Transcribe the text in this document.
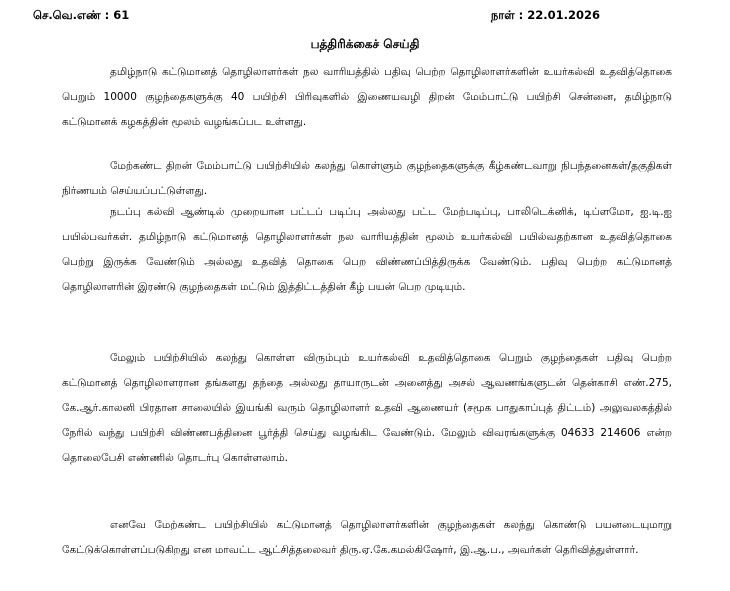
செ.வெ.எண் : 61	நாள் : 22.01.2026
பத்திரிக்கைச் செய்தி

தமிழ்நாடு கட்டுமானத் தொழிலாளர்கள் நல வாரியத்தில் பதிவு பெற்ற தொழிலாளர்களின் உயர்கல்வி உதவித்தொகை பெறும் 10000 குழந்தைகளுக்கு 40 பயிற்சி பிரிவுகளில் இணையவழி திறன் மேம்பாட்டு பயிற்சி சென்னை, தமிழ்நாடு கட்டுமானக் கழகத்தின் மூலம் வழங்கப்பட உள்ளது.

மேற்கண்ட திறன் மேம்பாட்டு பயிற்சியில் கலந்து கொள்ளும் குழந்தைகளுக்கு கீழ்கண்டவாறு நிபந்தனைகள்/தகுதிகள் நிர்ணயம் செய்யப்பட்டுள்ளது.

நடப்பு கல்வி ஆண்டில் முறையான பட்டப் படிப்பு அல்லது பட்ட மேற்படிப்பு, பாலிடெக்னிக், டிப்ளமோ, ஐ.டி.ஐ பயில்பவர்கள். தமிழ்நாடு கட்டுமானத் தொழிலாளர்கள் நல வாரியத்தின் மூலம் உயர்கல்வி பயில்வதற்கான உதவித்தொகை பெற்று இருக்க வேண்டும் அல்லது உதவித் தொகை பெற விண்ணப்பித்திருக்க வேண்டும். பதிவு பெற்ற கட்டுமானத் தொழிலாளரின் இரண்டு குழந்தைகள் மட்டும் இத்திட்டத்தின் கீழ் பயன் பெற முடியும்.

மேலும் பயிற்சியில் கலந்து கொள்ள விரும்பும் உயர்கல்வி உதவித்தொகை பெறும் குழந்தைகள் பதிவு பெற்ற கட்டுமானத் தொழிலாளரான தங்களது தந்தை அல்லது தாயாருடன் அனைத்து அசல் ஆவணங்களுடன் தென்காசி எண்.275, கே.ஆர்.காலனி பிரதான சாலையில் இயங்கி வரும் தொழிலாளர் உதவி ஆணையர் (சமூக பாதுகாப்புத் திட்டம்) அலுவலகத்தில் நேரில் வந்து பயிற்சி விண்ணபத்தினை பூர்த்தி செய்து வழங்கிட வேண்டும். மேலும் விவரங்களுக்கு 04633 214606 என்ற தொலைபேசி எண்ணில் தொடர்பு கொள்ளலாம்.

எனவே மேற்கண்ட பயிற்சியில் கட்டுமானத் தொழிலாளர்களின் குழந்தைகள் கலந்து கொண்டு பயனடையுமாறு கேட்டுக்கொள்ளப்படுகிறது என மாவட்ட ஆட்சித்தலைவர் திரு.ஏ.கே.கமல்கிஷோர், இ.ஆ.ப., அவர்கள் தெரிவித்துள்ளார்.
